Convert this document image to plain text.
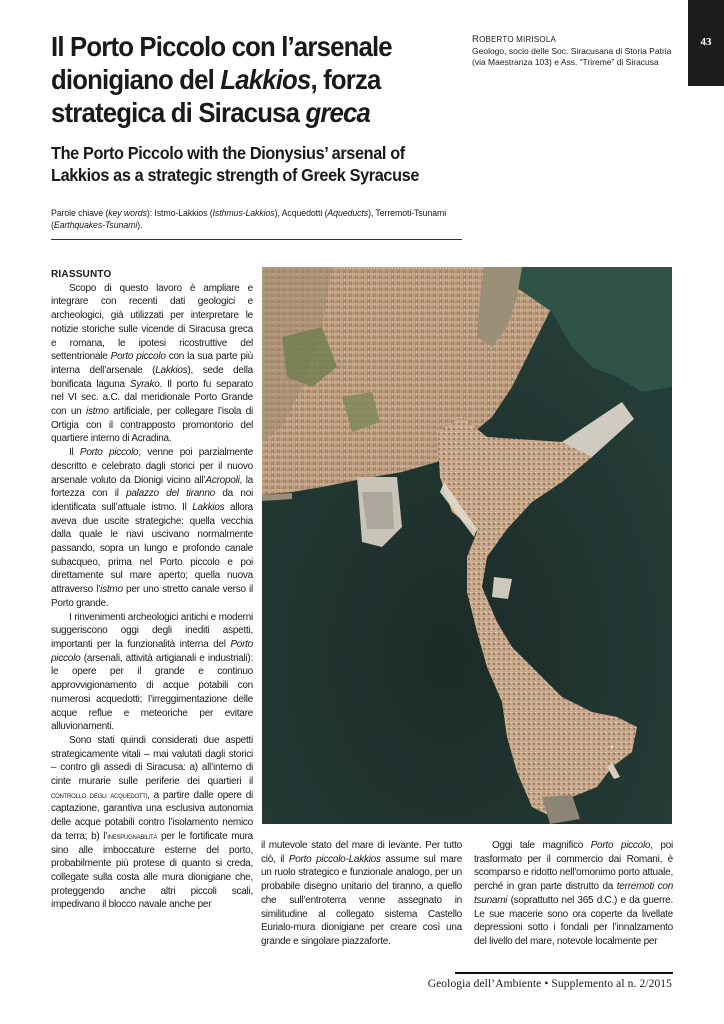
43
Il Porto Piccolo con l’arsenale dionigiano del Lakkios, forza strategica di Siracusa greca
The Porto Piccolo with the Dionysius’ arsenal of Lakkios as a strategic strength of Greek Syracuse
ROBERTO MIRISOLA
Geologo, socio delle Soc. Siracusana di Storia Patria (via Maestranza 103) e Ass. “Trireme” di Siracusa
Parole chiave (key words): Istmo-Lakkios (Isthmus-Lakkios), Acquedotti (Aqueducts), Terremoti-Tsunami (Earthquakes-Tsunami).
RIASSUNTO

Scopo di questo lavoro è ampliare e integrare con recenti dati geologici e archeologici, già utilizzati per interpretare le notizie storiche sulle vicende di Siracusa greca e romana, le ipotesi ricostruttive del settentrionale Porto piccolo con la sua parte più interna dell’arsenale (Lakkios), sede della bonificata laguna Syrako. Il porto fu separato nel VI sec. a.C. dal meridionale Porto Grande con un istmo artificiale, per collegare l’isola di Ortigia con il contrapposto promontorio del quartiere interno di Acradina.

Il Porto piccolo, venne poi parzialmente descritto e celebrato dagli storici per il nuovo arsenale voluto da Dionigi vicino all’Acropoli, la fortezza con il palazzo del tiranno da noi identificata sull’attuale istmo. Il Lakkios allora aveva due uscite strategiche: quella vecchia dalla quale le navi uscivano normalmente passando, sopra un lungo e profondo canale subacqueo, prima nel Porto piccolo e poi direttamente sul mare aperto; quella nuova attraverso l’istmo per uno stretto canale verso il Porto grande.

I rinvenimenti archeologici antichi e moderni suggeriscono oggi degli inediti aspetti, importanti per la funzionalità interna del Porto piccolo (arsenali, attività artigianali e industriali): le opere per il grande e continuo approvvigionamento di acque potabili con numerosi acquedotti; l’irreggimentazione delle acque reflue e meteoriche per evitare alluvionamenti.

Sono stati quindi considerati due aspetti strategicamente vitali – mai valutati dagli storici – contro gli assedi di Siracusa: a) all’interno di cinte murarie sulle periferie dei quartieri il controllo degli acquedotti, a partire dalle opere di captazione, garantiva una esclusiva autonomia delle acque potabili contro l’isolamento nemico da terra; b) l’inespugnabilità per le fortificate mura sino alle imboccature esterne del porto, probabilmente più protese di quanto si creda, collegate sulla costa alle mura dionigiane che, proteggendo anche altri piccoli scali, impedivano il blocco navale anche per

il mutevole stato del mare di levante. Per tutto ciò, il Porto piccolo-Lakkios assume sul mare un ruolo strategico e funzionale analogo, per un probabile disegno unitario del tiranno, a quello che sull’entroterra venne assegnato in similitudine al collegato sistema Castello Eurialo-mura dionigiane per creare così una grande e singolare piazzaforte.

Oggi tale magnifico Porto piccolo, poi trasformato per il commercio dai Romani, è scomparso e ridotto nell’omonimo porto attuale, perché in gran parte distrutto da terremoti con tsunami (soprattutto nel 365 d.C.) e da guerre. Le sue macerie sono ora coperte da livellate depressioni sotto i fondali per l’innalzamento del livello del mare, notevole localmente per

Geologia dell’Ambiente • Supplemento al n. 2/2015
